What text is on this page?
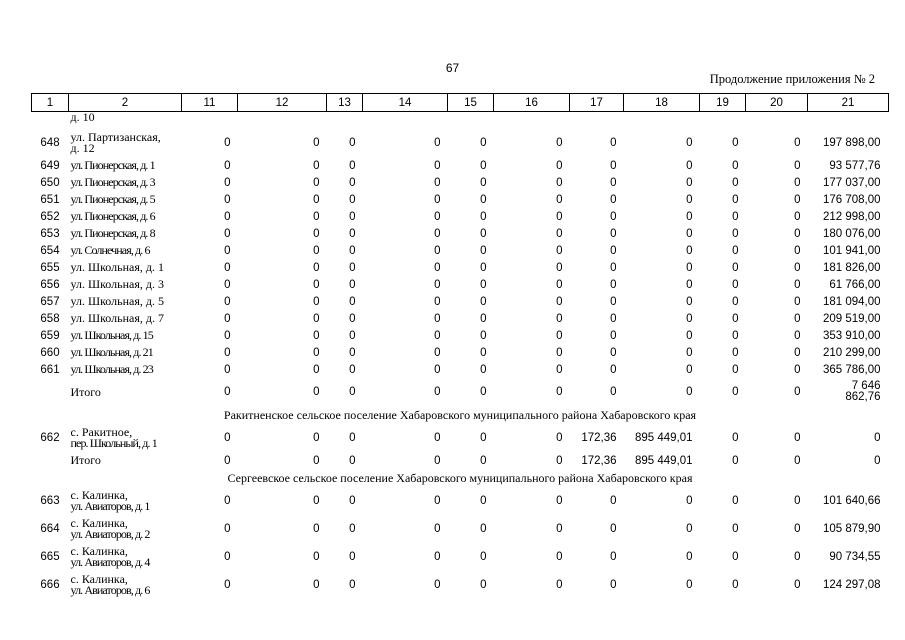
67
Продолжение приложения № 2
1	2	11	12	13	14	15	16	17	18	19	20	21
	д. 10											
648	ул. Партизанская,
д. 12	0	0	0	0	0	0	0	0	0	0	197 898,00
649	ул. Пионерская, д. 1	0	0	0	0	0	0	0	0	0	0	93 577,76
650	ул. Пионерская, д. 3	0	0	0	0	0	0	0	0	0	0	177 037,00
651	ул. Пионерская, д. 5	0	0	0	0	0	0	0	0	0	0	176 708,00
652	ул. Пионерская, д. 6	0	0	0	0	0	0	0	0	0	0	212 998,00
653	ул. Пионерская, д. 8	0	0	0	0	0	0	0	0	0	0	180 076,00
654	ул. Солнечная, д. 6	0	0	0	0	0	0	0	0	0	0	101 941,00
655	ул. Школьная, д. 1	0	0	0	0	0	0	0	0	0	0	181 826,00
656	ул. Школьная, д. 3	0	0	0	0	0	0	0	0	0	0	61 766,00
657	ул. Школьная, д. 5	0	0	0	0	0	0	0	0	0	0	181 094,00
658	ул. Школьная, д. 7	0	0	0	0	0	0	0	0	0	0	209 519,00
659	ул. Школьная, д. 15	0	0	0	0	0	0	0	0	0	0	353 910,00
660	ул. Школьная, д. 21	0	0	0	0	0	0	0	0	0	0	210 299,00
661	ул. Школьная, д. 23	0	0	0	0	0	0	0	0	0	0	365 786,00
	Итого	0	0	0	0	0	0	0	0	0	0	7 646
862,76

Ракитненское сельское поселение Хабаровского муниципального района Хабаровского края												
662	с. Ракитное,
пер. Школьный, д. 1	0	0	0	0	0	0	172,36	895 449,01	0	0	0
	Итого	0	0	0	0	0	0	172,36	895 449,01	0	0	0
Сергеевское сельское поселение Хабаровского муниципального района Хабаровского края												
663	с. Калинка,
ул. Авиаторов, д. 1	0	0	0	0	0	0	0	0	0	0	101 640,66
664	с. Калинка,
ул. Авиаторов, д. 2	0	0	0	0	0	0	0	0	0	0	105 879,90
665	с. Калинка,
ул. Авиаторов, д. 4	0	0	0	0	0	0	0	0	0	0	90 734,55
666	с. Калинка,
ул. Авиаторов, д. 6	0	0	0	0	0	0	0	0	0	0	124 297,08
